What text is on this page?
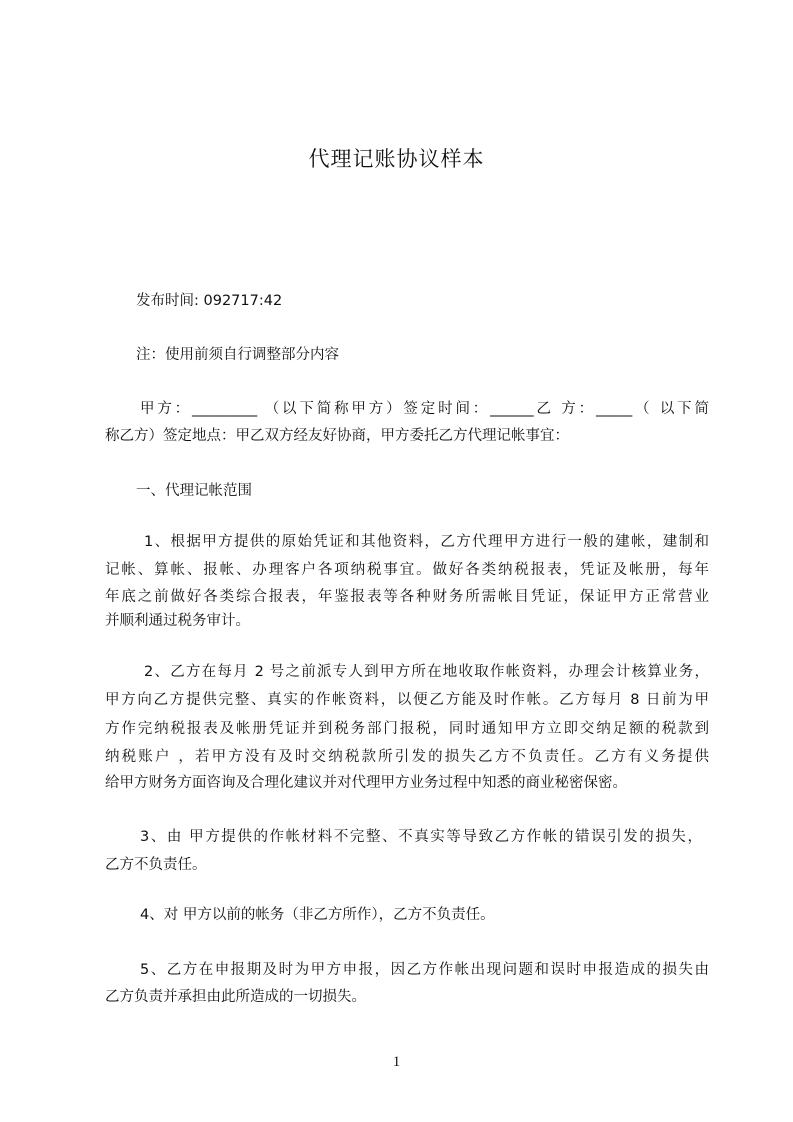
代理记账协议样本
发布时间: 092717:42
注：使用前须自行调整部分内容
甲方：_________ （以下简称甲方）签定时间：______乙 方：_____（ 以下简
称乙方）签定地点：甲乙双方经友好协商，甲方委托乙方代理记帐事宜：
一、代理记帐范围
1、根据甲方提供的原始凭证和其他资料，乙方代理甲方进行一般的建帐，建制和
记帐、算帐、报帐、办理客户各项纳税事宜。做好各类纳税报表，凭证及帐册，每年
年底之前做好各类综合报表，年鉴报表等各种财务所需帐目凭证，保证甲方正常营业
并顺利通过税务审计。
2、乙方在每月 2 号之前派专人到甲方所在地收取作帐资料，办理会计核算业务，
甲方向乙方提供完整、真实的作帐资料，以便乙方能及时作帐。乙方每月 8 日前为甲
方作完纳税报表及帐册凭证并到税务部门报税，同时通知甲方立即交纳足额的税款到
纳税账户 ，若甲方没有及时交纳税款所引发的损失乙方不负责任。乙方有义务提供
给甲方财务方面咨询及合理化建议并对代理甲方业务过程中知悉的商业秘密保密。
3、由 甲方提供的作帐材料不完整、不真实等导致乙方作帐的错误引发的损失，
乙方不负责任。
4、对 甲方以前的帐务（非乙方所作），乙方不负责任。
5、乙方在申报期及时为甲方申报，因乙方作帐出现问题和误时申报造成的损失由
乙方负责并承担由此所造成的一切损失。
1
